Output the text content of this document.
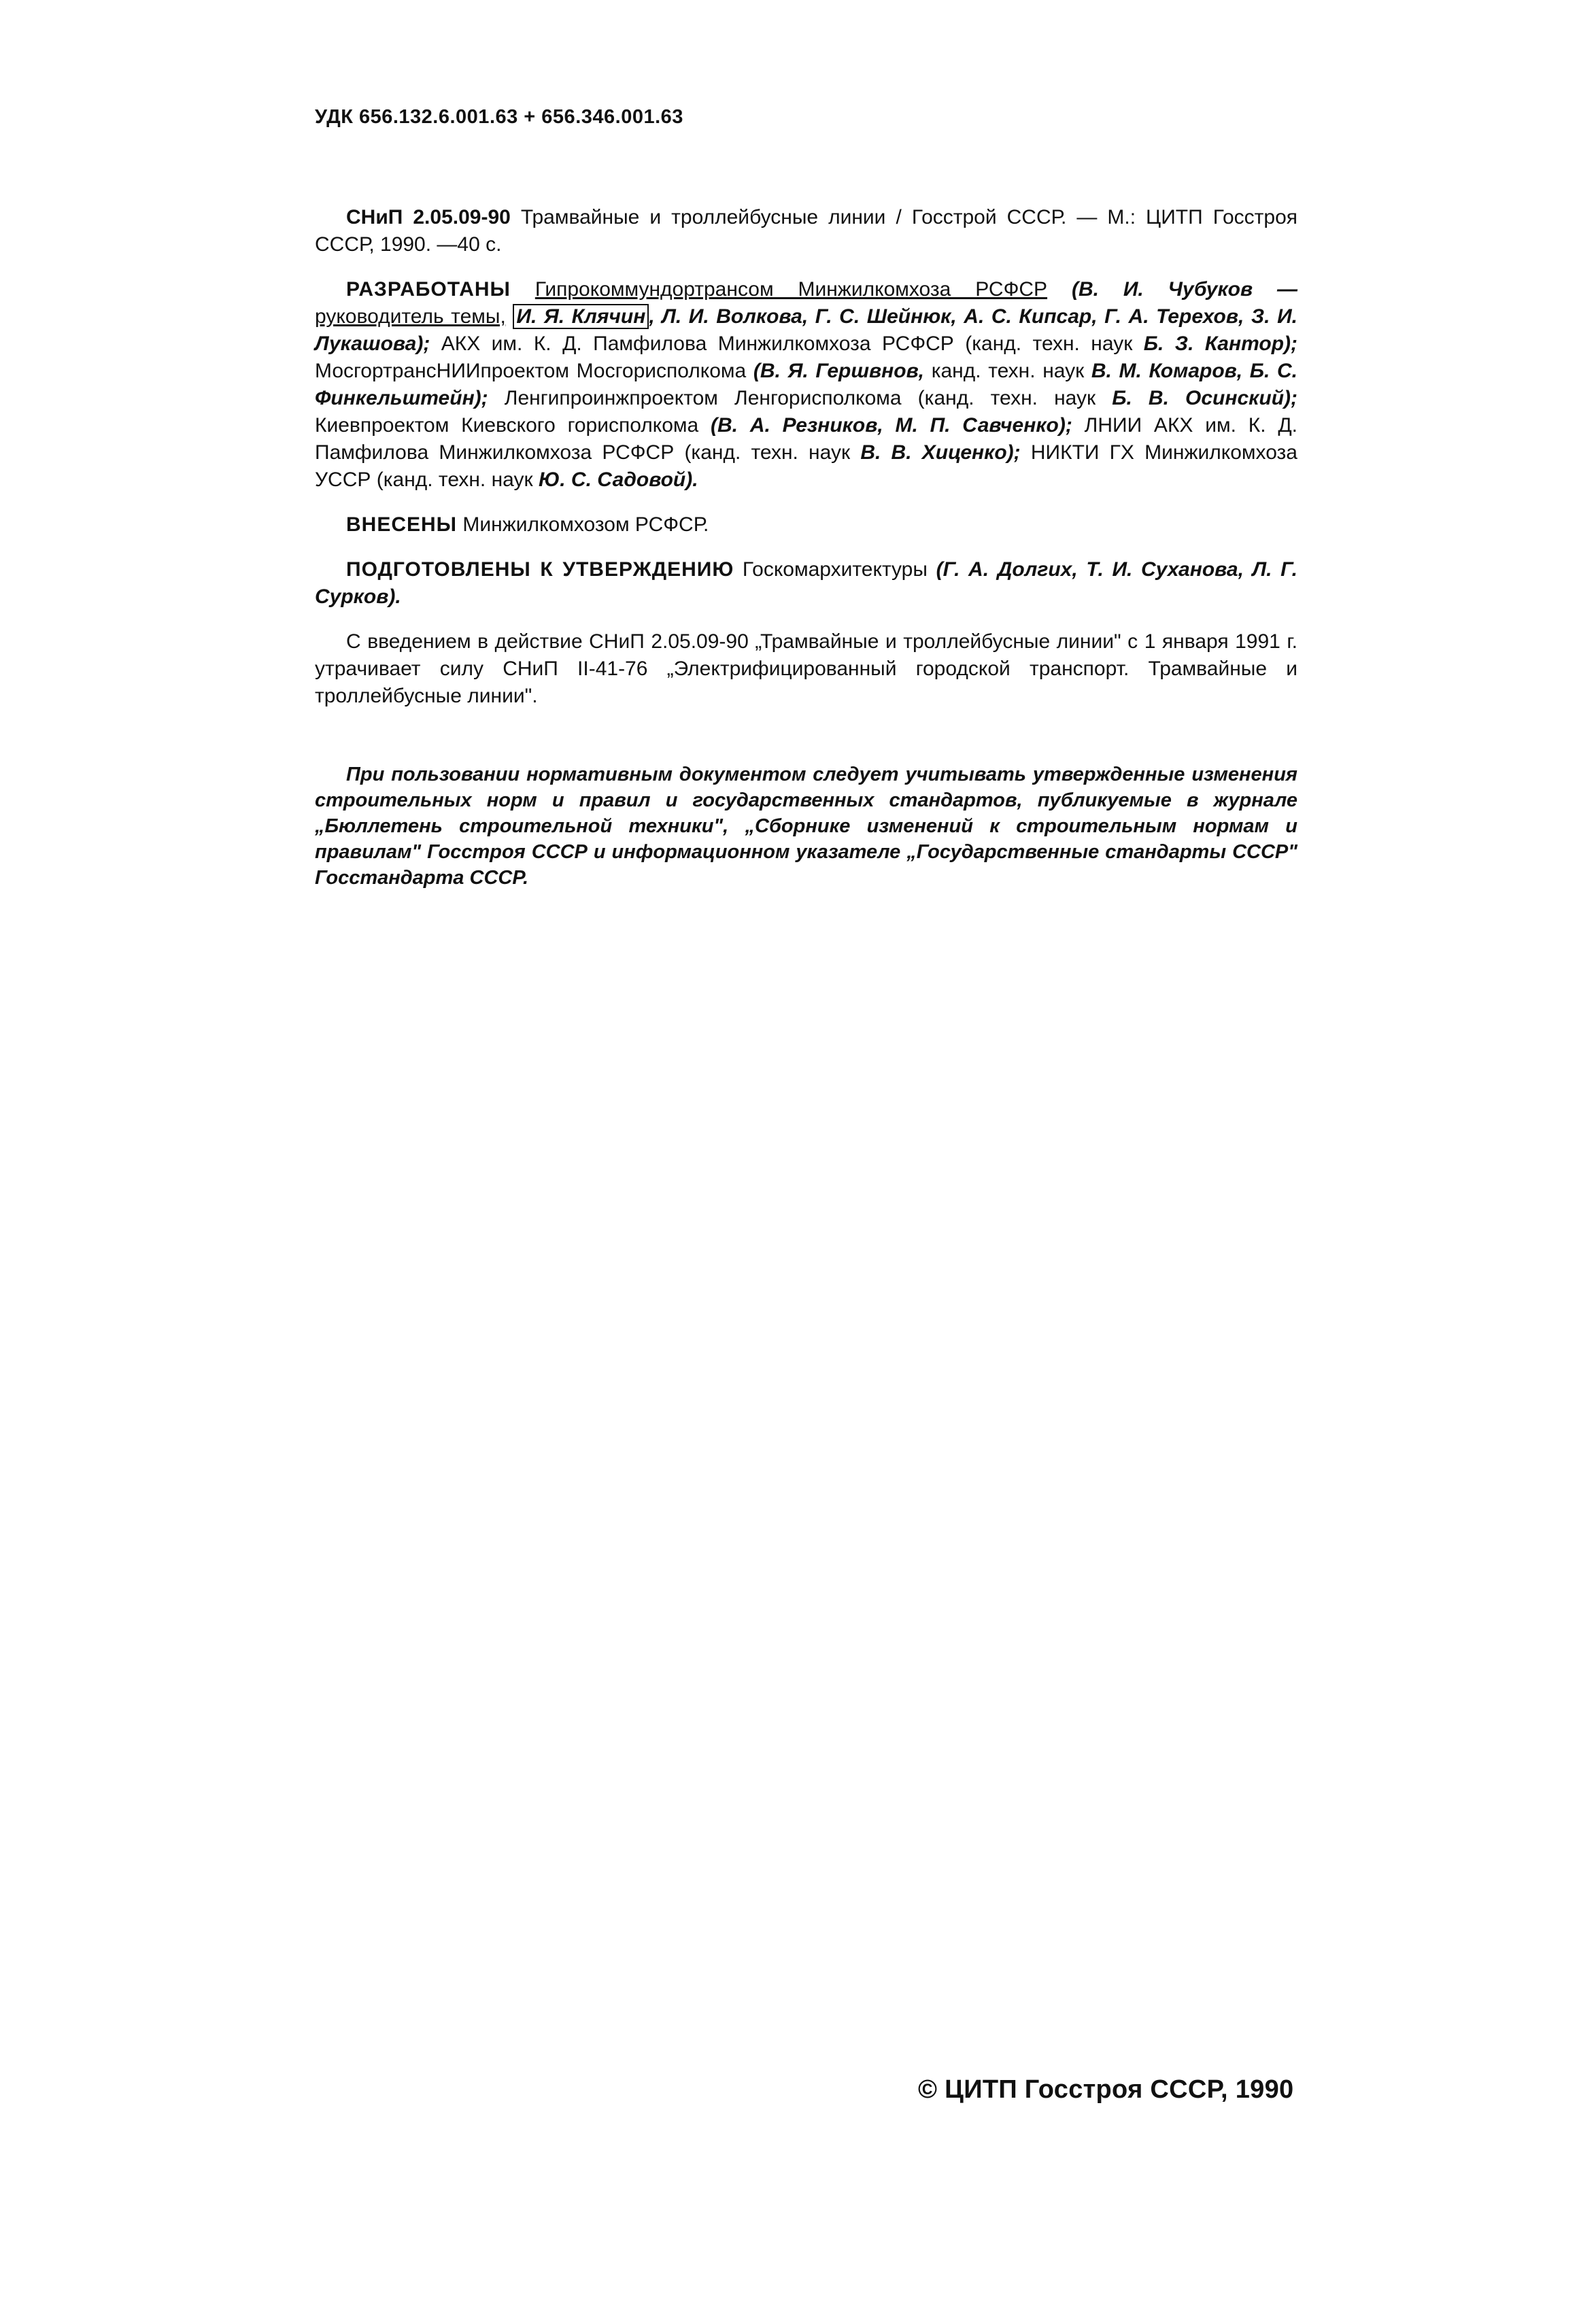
УДК 656.132.6.001.63 + 656.346.001.63

СНиП 2.05.09-90 Трамвайные и троллейбусные линии / Госстрой СССР. — М.: ЦИТП Госстроя СССР, 1990. —40 с.

РАЗРАБОТАНЫ Гипрокоммундортрансом Минжилкомхоза РСФСР (В. И. Чубуков — руководитель темы, И. Я. Клячин , Л. И. Волкова, Г. С. Шейнюк, А. С. Кипсар, Г. А. Терехов, З. И. Лукашова); АКХ им. К. Д. Памфилова Минжилкомхоза РСФСР (канд. техн. наук Б. З. Кантор); МосгортрансНИИпроектом Мосгорисполкома (В. Я. Гершвнов, канд. техн. наук В. М. Комаров, Б. С. Финкельштейн); Ленгипроинжпроектом Ленгорисполкома (канд. техн. наук Б. В. Осинский); Киевпроектом Киевского горисполкома (В. А. Резников, М. П. Савченко); ЛНИИ АКХ им. К. Д. Памфилова Минжилкомхоза РСФСР (канд. техн. наук В. В. Хиценко); НИКТИ ГХ Минжилкомхоза УССР (канд. техн. наук Ю. С. Садовой).

ВНЕСЕНЫ Минжилкомхозом РСФСР.

ПОДГОТОВЛЕНЫ К УТВЕРЖДЕНИЮ Госкомархитектуры (Г. А. Долгих, Т. И. Суханова, Л. Г. Сурков).

С введением в действие СНиП 2.05.09-90 „Трамвайные и троллейбусные линии" с 1 января 1991 г. утрачивает силу СНиП II-41-76 „Электрифицированный городской транспорт. Трамвайные и троллейбусные линии".

При пользовании нормативным документом следует учитывать утвержденные изменения строительных норм и правил и государственных стандартов, публикуемые в журнале „Бюллетень строительной техники", „Сборнике изменений к строительным нормам и правилам" Госстроя СССР и информационном указателе „Государственные стандарты СССР" Госстандарта СССР.

© ЦИТП Госстроя СССР, 1990
